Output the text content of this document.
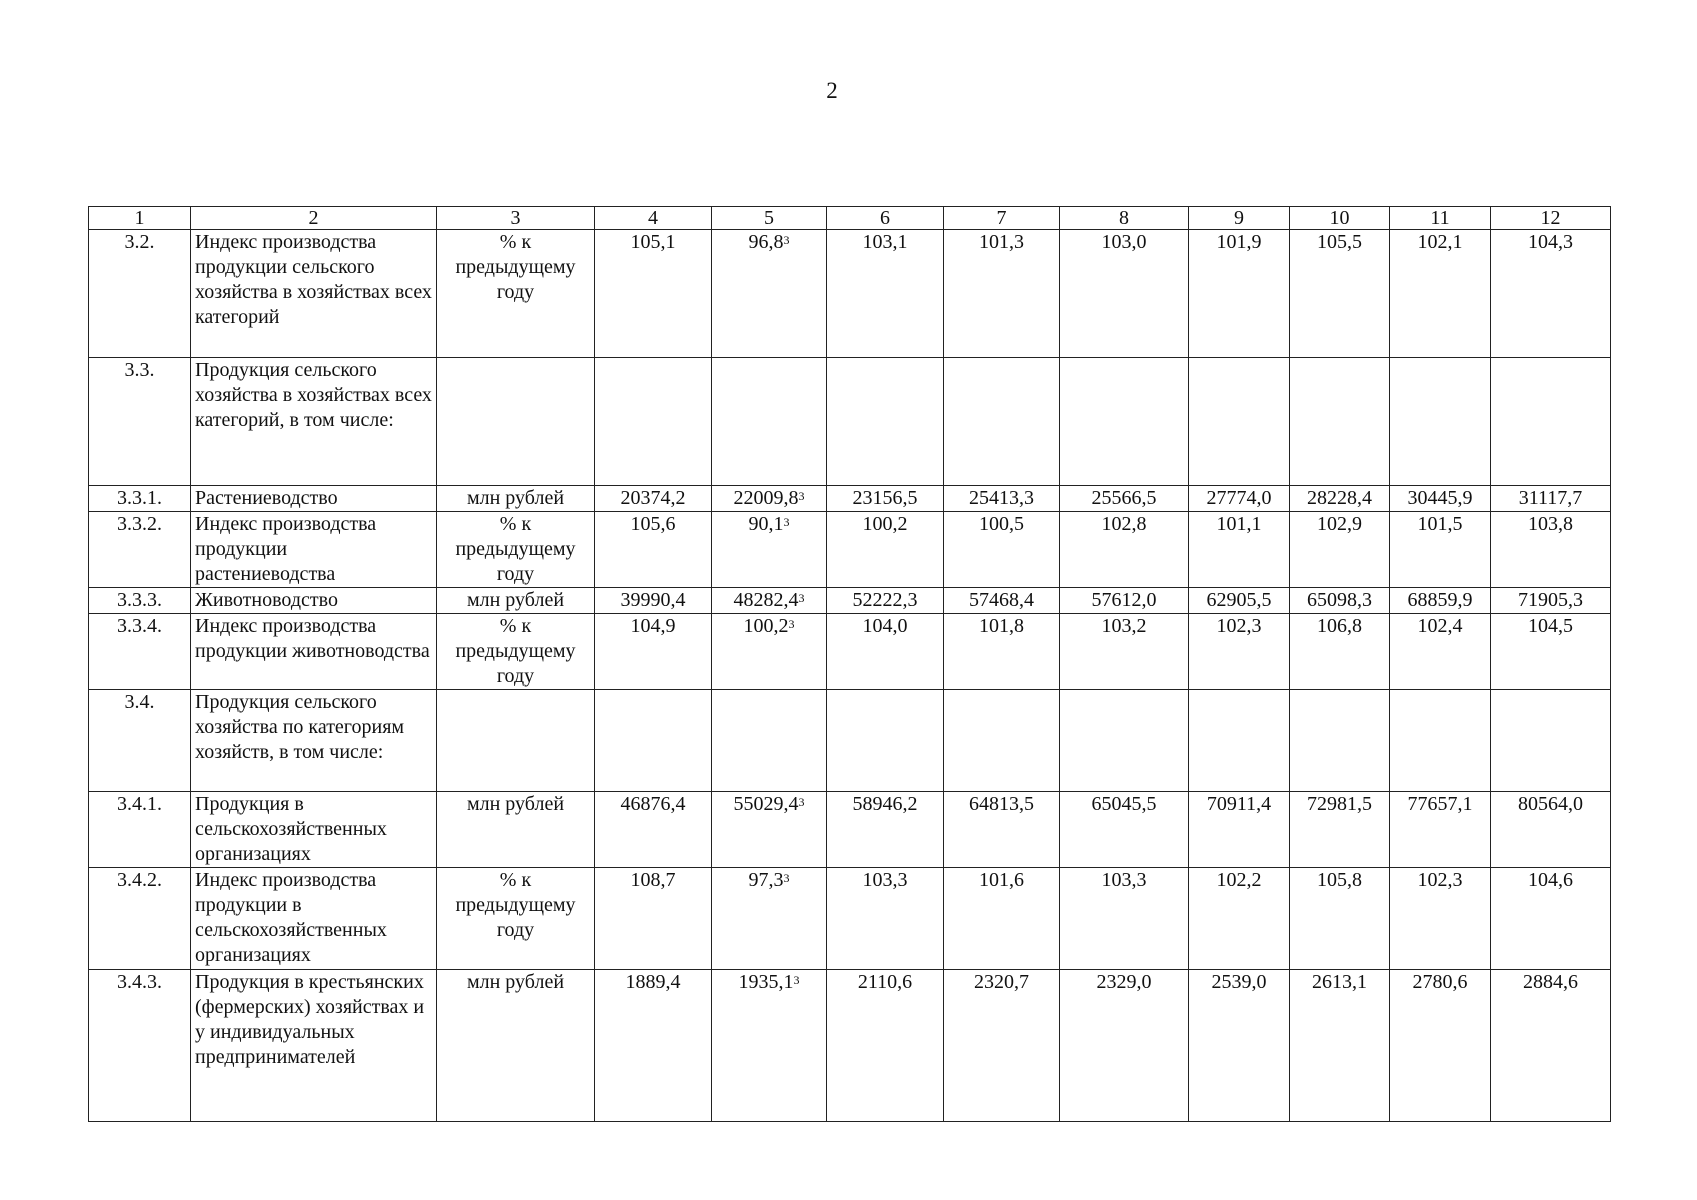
2
1	2	3	4	5	6	7	8	9	10	11	12
3.2.	Индекс производства продукции сельского хозяйства в хозяйствах всех категорий	% к предыдущему году	105,1	96,8$^3$	103,1	101,3	103,0	101,9	105,5	102,1	104,3
3.3.	Продукция сельского хозяйства в хозяйствах всех категорий, в том числе:										
3.3.1.	Растениеводство	млн рублей	20374,2	22009,8$^3$	23156,5	25413,3	25566,5	27774,0	28228,4	30445,9	31117,7
3.3.2.	Индекс производства продукции растениеводства	% к предыдущему году	105,6	90,1$^3$	100,2	100,5	102,8	101,1	102,9	101,5	103,8
3.3.3.	Животноводство	млн рублей	39990,4	48282,4$^3$	52222,3	57468,4	57612,0	62905,5	65098,3	68859,9	71905,3
3.3.4.	Индекс производства продукции животноводства	% к предыдущему году	104,9	100,2$^3$	104,0	101,8	103,2	102,3	106,8	102,4	104,5
3.4.	Продукция сельского хозяйства по категориям хозяйств, в том числе:										
3.4.1.	Продукция в сельскохозяйственных организациях	млн рублей	46876,4	55029,4$^3$	58946,2	64813,5	65045,5	70911,4	72981,5	77657,1	80564,0
3.4.2.	Индекс производства продукции в сельскохозяйственных организациях	% к предыдущему году	108,7	97,3$^3$	103,3	101,6	103,3	102,2	105,8	102,3	104,6
3.4.3.	Продукция в крестьянских (фермерских) хозяйствах и у индивидуальных предпринимателей	млн рублей	1889,4	1935,1$^3$	2110,6	2320,7	2329,0	2539,0	2613,1	2780,6	2884,6
